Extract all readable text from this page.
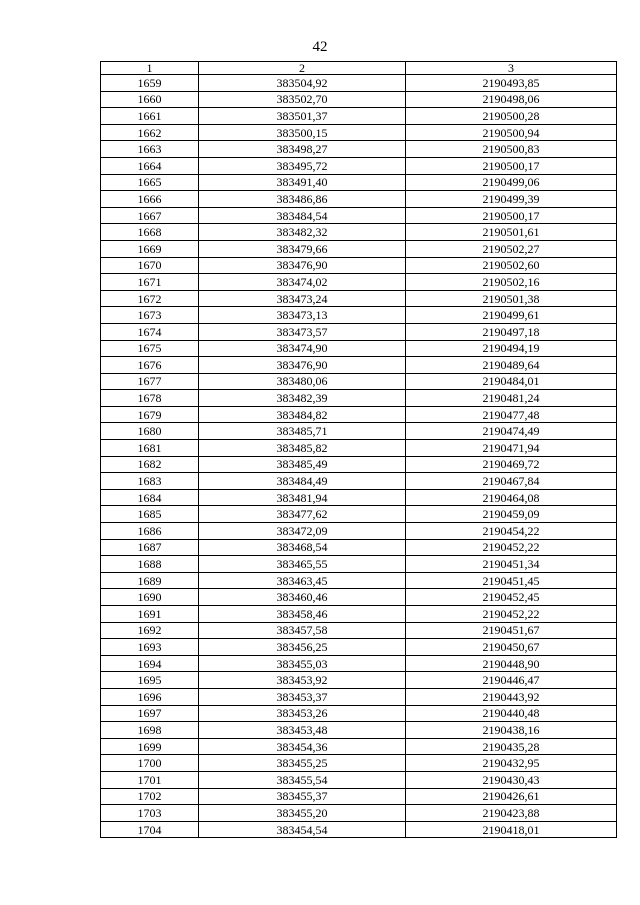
42
1	2	3
1659	383504,92	2190493,85
1660	383502,70	2190498,06
1661	383501,37	2190500,28
1662	383500,15	2190500,94
1663	383498,27	2190500,83
1664	383495,72	2190500,17
1665	383491,40	2190499,06
1666	383486,86	2190499,39
1667	383484,54	2190500,17
1668	383482,32	2190501,61
1669	383479,66	2190502,27
1670	383476,90	2190502,60
1671	383474,02	2190502,16
1672	383473,24	2190501,38
1673	383473,13	2190499,61
1674	383473,57	2190497,18
1675	383474,90	2190494,19
1676	383476,90	2190489,64
1677	383480,06	2190484,01
1678	383482,39	2190481,24
1679	383484,82	2190477,48
1680	383485,71	2190474,49
1681	383485,82	2190471,94
1682	383485,49	2190469,72
1683	383484,49	2190467,84
1684	383481,94	2190464,08
1685	383477,62	2190459,09
1686	383472,09	2190454,22
1687	383468,54	2190452,22
1688	383465,55	2190451,34
1689	383463,45	2190451,45
1690	383460,46	2190452,45
1691	383458,46	2190452,22
1692	383457,58	2190451,67
1693	383456,25	2190450,67
1694	383455,03	2190448,90
1695	383453,92	2190446,47
1696	383453,37	2190443,92
1697	383453,26	2190440,48
1698	383453,48	2190438,16
1699	383454,36	2190435,28
1700	383455,25	2190432,95
1701	383455,54	2190430,43
1702	383455,37	2190426,61
1703	383455,20	2190423,88
1704	383454,54	2190418,01
